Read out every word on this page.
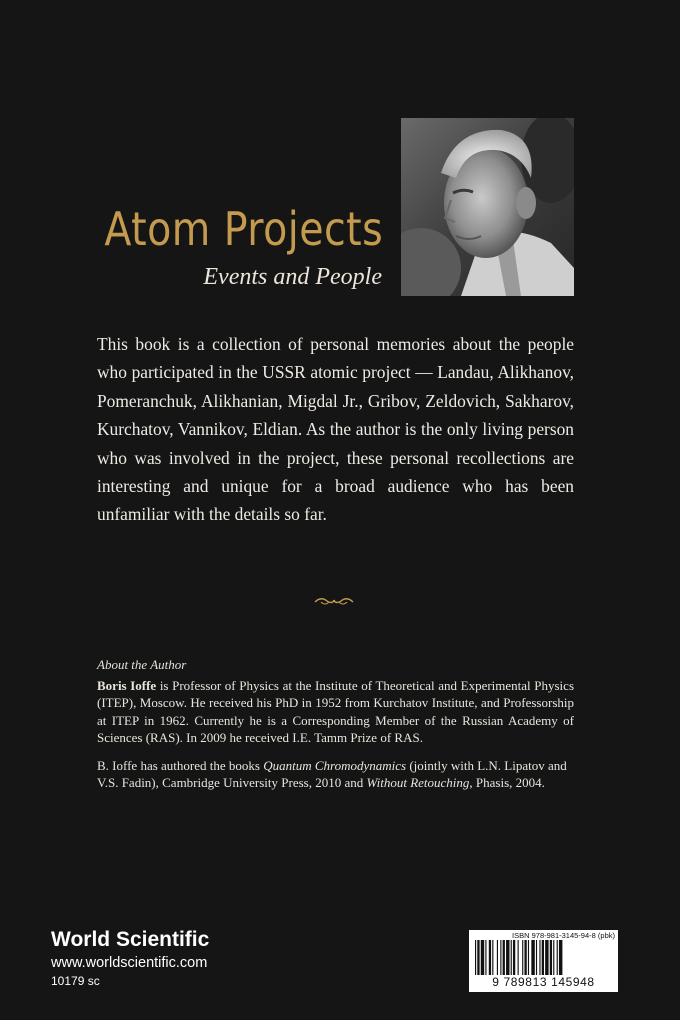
Atom Projects
Events and People
This book is a collection of personal memories about the people who participated in the USSR atomic project — Landau, Alikhanov, Pomeranchuk, Alikhanian, Migdal Jr., Gribov, Zeldovich, Sakharov, Kurchatov, Vannikov, Eldian. As the author is the only living person who was involved in the project, these personal recollections are interesting and unique for a broad audience who has been unfamiliar with the details so far.
About the Author
Boris Ioffe is Professor of Physics at the Institute of Theoretical and Experimental Physics (ITEP), Moscow. He received his PhD in 1952 from Kurchatov Institute, and Professorship at ITEP in 1962. Currently he is a Corresponding Member of the Russian Academy of Sciences (RAS). In 2009 he received I.E. Tamm Prize of RAS.
B. Ioffe has authored the books Quantum Chromodynamics (jointly with L.N. Lipatov and V.S. Fadin), Cambridge University Press, 2010 and Without Retouching, Phasis, 2004.
World Scientific
www.worldscientific.com
10179 sc
ISBN 978-981-3145-94-8 (pbk)
9 789813 145948
